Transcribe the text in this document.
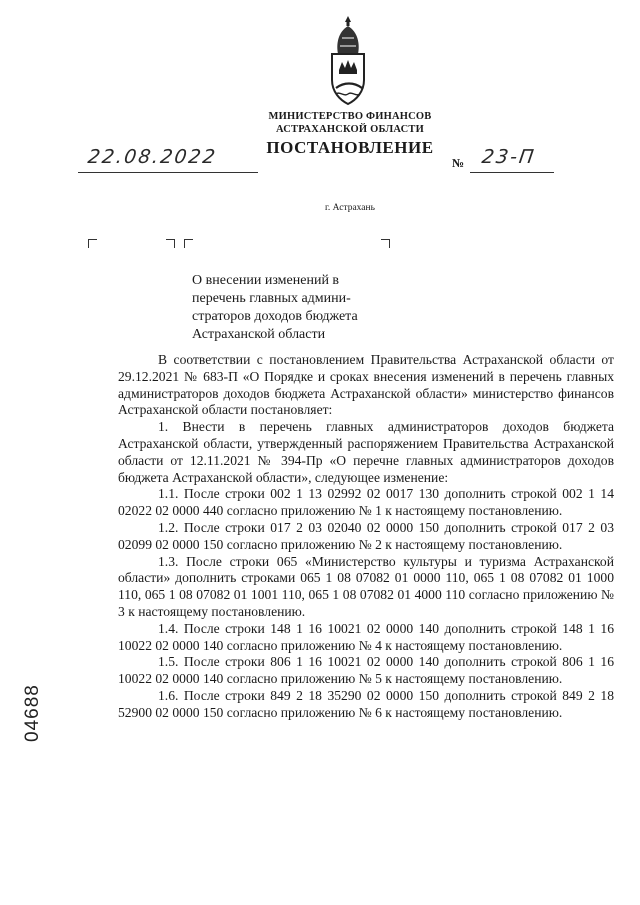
МИНИСТЕРСТВО ФИНАНСОВ
АСТРАХАНСКОЙ ОБЛАСТИ
ПОСТАНОВЛЕНИЕ
22.08.2022	№ 23-П
г. Астрахань
О внесении изменений в
перечень главных админи-
страторов доходов бюджета
Астраханской области

В соответствии с постановлением Правительства Астраханской области от 29.12.2021 № 683-П «О Порядке и сроках внесения изменений в перечень главных администраторов доходов бюджета Астраханской области» министерство финансов Астраханской области постановляет:

1. Внести в перечень главных администраторов доходов бюджета Астраханской области, утвержденный распоряжением Правительства Астраханской области от 12.11.2021 № 394-Пр «О перечне главных администраторов доходов бюджета Астраханской области», следующее изменение:

1.1. После строки 002 1 13 02992 02 0017 130 дополнить строкой 002 1 14 02022 02 0000 440 согласно приложению № 1 к настоящему постановлению.

1.2. После строки 017 2 03 02040 02 0000 150 дополнить строкой 017 2 03 02099 02 0000 150 согласно приложению № 2 к настоящему постановлению.

1.3. После строки 065 «Министерство культуры и туризма Астраханской области» дополнить строками 065 1 08 07082 01 0000 110, 065 1 08 07082 01 1000 110, 065 1 08 07082 01 1001 110, 065 1 08 07082 01 4000 110 согласно приложению № 3 к настоящему постановлению.

1.4. После строки 148 1 16 10021 02 0000 140 дополнить строкой 148 1 16 10022 02 0000 140 согласно приложению № 4 к настоящему постановлению.

1.5. После строки 806 1 16 10021 02 0000 140 дополнить строкой 806 1 16 10022 02 0000 140 согласно приложению № 5 к настоящему постановлению.

1.6. После строки 849 2 18 35290 02 0000 150 дополнить строкой 849 2 18 52900 02 0000 150 согласно приложению № 6 к настоящему постановлению.

04688
